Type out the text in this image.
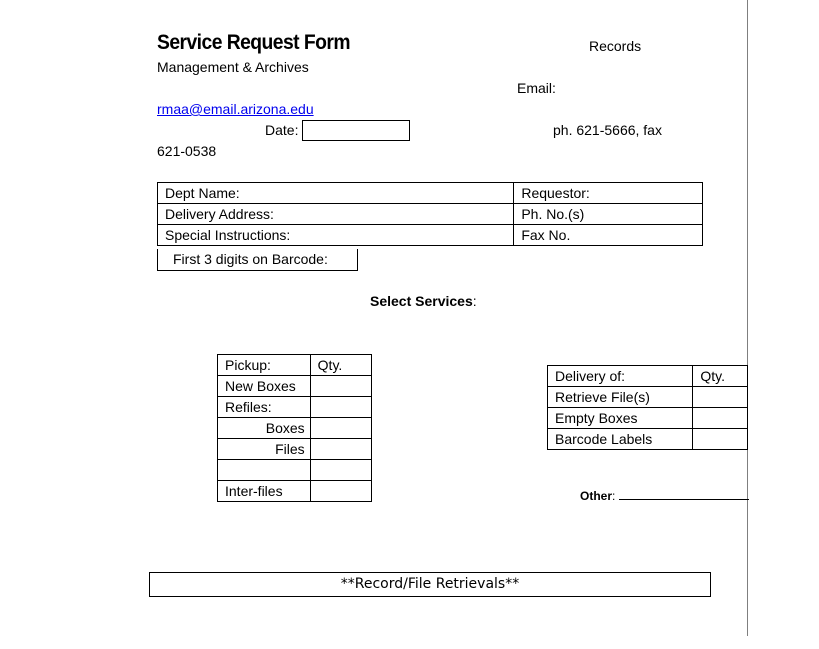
Service Request Form	Records
Management & Archives
Email:
rmaa@email.arizona.edu
Date:	ph. 621-5666, fax
621-0538
Dept Name:	Requestor:
Delivery Address:	Ph. No.(s)
Special Instructions:	Fax No.
First 3 digits on Barcode:
Select Services:
Pickup:	Qty.
New Boxes	
Refiles:	
Boxes	
Files	

Inter-files	
Delivery of:	Qty.
Retrieve File(s)	
Empty Boxes	
Barcode Labels	
Other:
**Record/File Retrievals**
